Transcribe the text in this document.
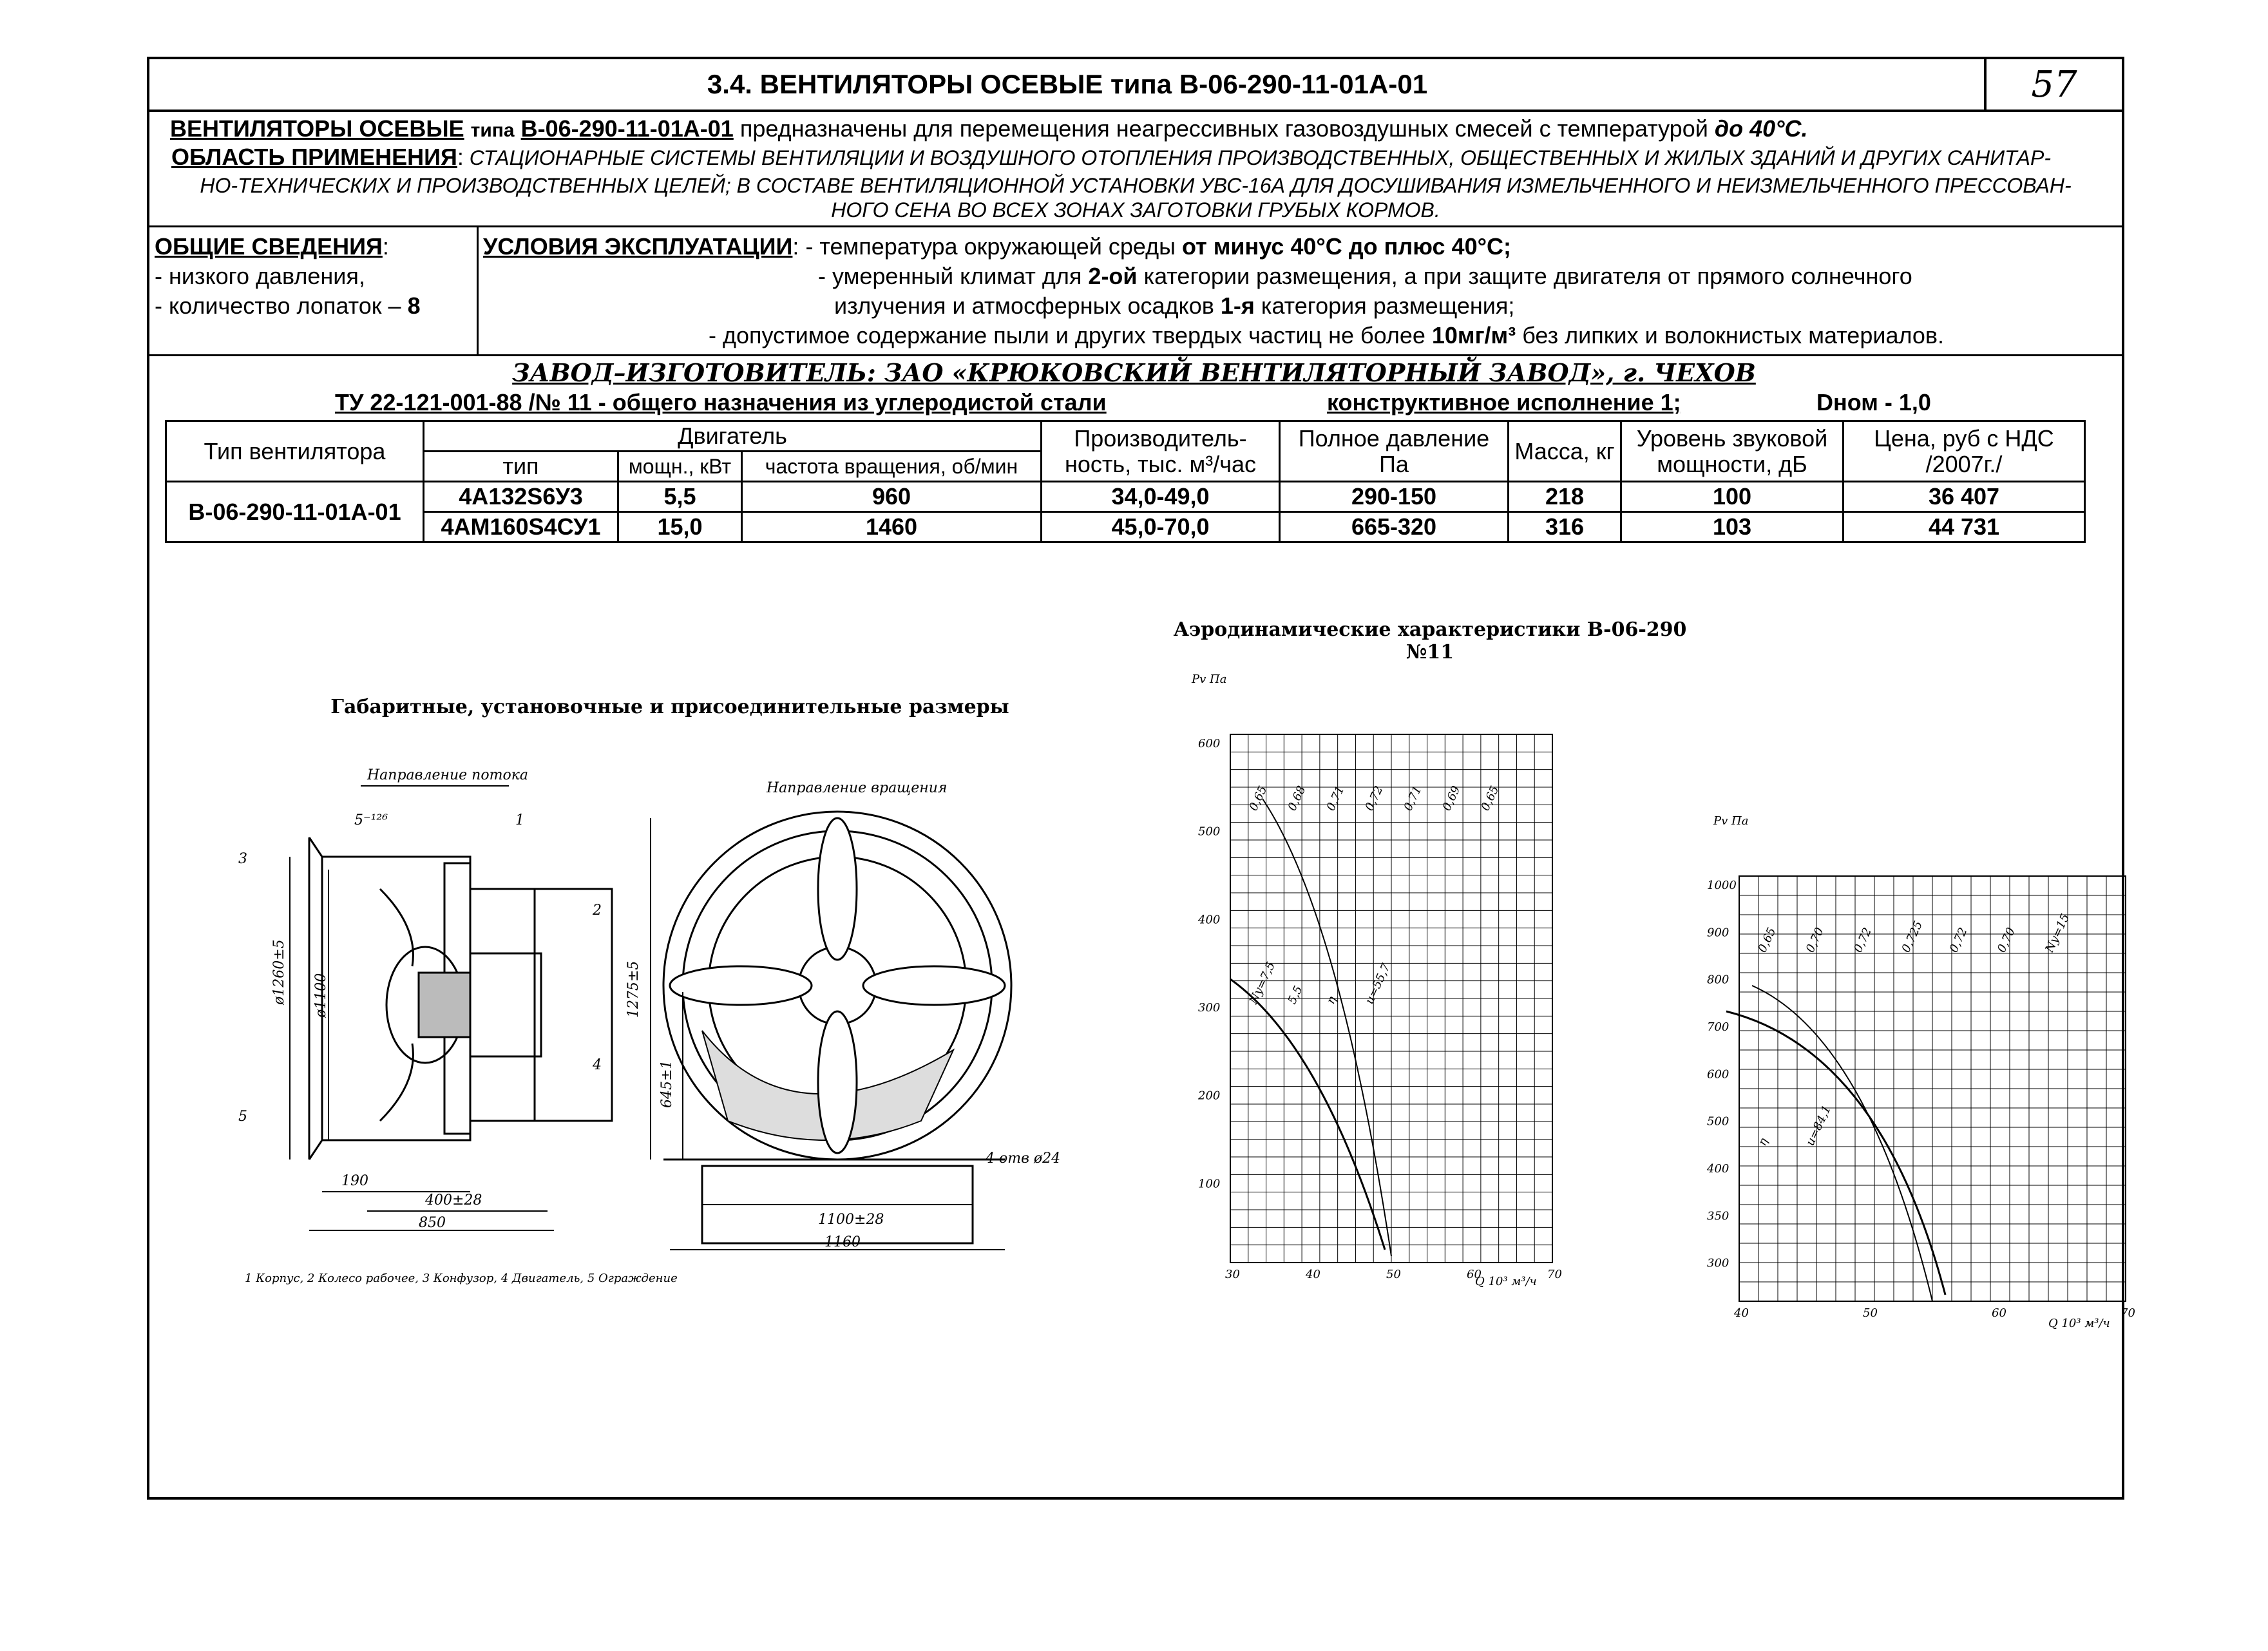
3.4. ВЕНТИЛЯТОРЫ ОСЕВЫЕ типа В-06-290-11-01А-01	57
ВЕНТИЛЯТОРЫ ОСЕВЫЕ типа В-06-290-11-01А-01 предназначены для перемещения неагрессивных газовоздушных смесей с температурой до 40°С.
ОБЛАСТЬ ПРИМЕНЕНИЯ: СТАЦИОНАРНЫЕ СИСТЕМЫ ВЕНТИЛЯЦИИ И ВОЗДУШНОГО ОТОПЛЕНИЯ ПРОИЗВОДСТВЕННЫХ, ОБЩЕСТВЕННЫХ И ЖИЛЫХ ЗДАНИЙ И ДРУГИХ САНИТАР-
НО-ТЕХНИЧЕСКИХ И ПРОИЗВОДСТВЕННЫХ ЦЕЛЕЙ; В СОСТАВЕ ВЕНТИЛЯЦИОННОЙ УСТАНОВКИ УВС-16А ДЛЯ ДОСУШИВАНИЯ ИЗМЕЛЬЧЕННОГО И НЕИЗМЕЛЬЧЕННОГО ПРЕССОВАН-
НОГО СЕНА ВО ВСЕХ ЗОНАХ ЗАГОТОВКИ ГРУБЫХ КОРМОВ.
ОБЩИЕ СВЕДЕНИЯ:
- низкого давления,
- количество лопаток – 8
УСЛОВИЯ ЭКСПЛУАТАЦИИ: - температура окружающей среды от минус 40°С до плюс 40°С;
- умеренный климат для 2-ой категории размещения, а при защите двигателя от прямого солнечного
излучения и атмосферных осадков 1-я категория размещения;
- допустимое содержание пыли и других твердых частиц не более 10мг/м³ без липких и волокнистых материалов.
ЗАВОД–ИЗГОТОВИТЕЛЬ: ЗАО «КРЮКОВСКИЙ ВЕНТИЛЯТОРНЫЙ ЗАВОД», г. ЧЕХОВ
ТУ 22-121-001-88 /№ 11 - общего назначения из углеродистой стали	конструктивное исполнение 1;	Dном - 1,0
Тип вентилятора	Двигатель			Производитель-ность, тыс. м³/час	Полное давление Па	Масса, кг	Уровень звуковой мощности, дБ	Цена, руб с НДС /2007г./
	тип	мощн., кВт	частота вращения, об/мин					
В-06-290-11-01А-01	4А132S6У3	5,5	960	34,0-49,0	290-150	218	100	36 407
	4АМ160S4СУ1	15,0	1460	45,0-70,0	665-320	316	103	44 731
Габаритные, установочные и присоединительные размеры
Направление потока
Направление вращения
5⁻¹²⁶
ø1260±5 ø1100	1275±5
645±1
190
400±28
850	1100±28
1160
4 отв ø24
1
2
3
4
5
1 Корпус, 2 Колесо рабочее, 3 Конфузор, 4 Двигатель, 5 Ограждение
Аэродинамические характеристики В-06-290 №11
30	40	50	60	70
600
500
400
300
200
100
0,65 0,68 0,71 0,72 0,71 0,69 0,65
Ny=7,5 5,5 η u=55,7
Pv Па
Q 10³ м³/ч
40	50	60	70
1000
900
800
700
600
500
400
350
300
0,65 0,70 0,72 0,725 0,72 0,70 Ny=15
η	u=84,1
Pv Па
Q 10³ м³/ч
